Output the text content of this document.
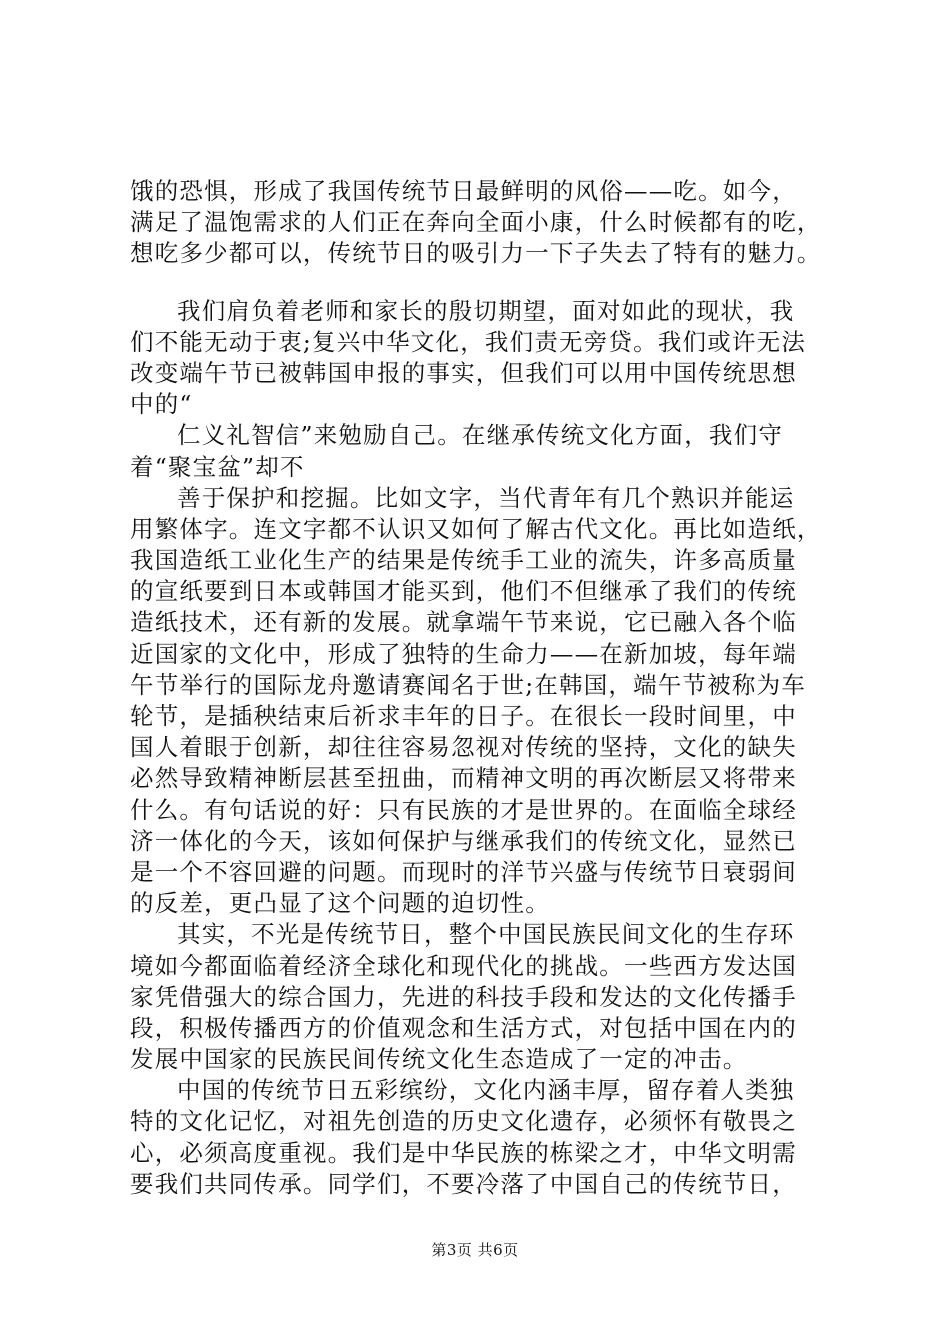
饿的恐惧，形成了我国传统节日最鲜明的风俗——吃。如今，
满足了温饱需求的人们正在奔向全面小康，什么时候都有的吃，
想吃多少都可以，传统节日的吸引力一下子失去了特有的魅力。
我们肩负着老师和家长的殷切期望，面对如此的现状，我
们不能无动于衷;复兴中华文化，我们责无旁贷。我们或许无法
改变端午节已被韩国申报的事实，但我们可以用中国传统思想
中的“
仁义礼智信”来勉励自己。在继承传统文化方面，我们守
着“聚宝盆”却不
善于保护和挖掘。比如文字，当代青年有几个熟识并能运
用繁体字。连文字都不认识又如何了解古代文化。再比如造纸，
我国造纸工业化生产的结果是传统手工业的流失，许多高质量
的宣纸要到日本或韩国才能买到，他们不但继承了我们的传统
造纸技术，还有新的发展。就拿端午节来说，它已融入各个临
近国家的文化中，形成了独特的生命力——在新加坡，每年端
午节举行的国际龙舟邀请赛闻名于世;在韩国，端午节被称为车
轮节，是插秧结束后祈求丰年的日子。在很长一段时间里，中
国人着眼于创新，却往往容易忽视对传统的坚持，文化的缺失
必然导致精神断层甚至扭曲，而精神文明的再次断层又将带来
什么。有句话说的好：只有民族的才是世界的。在面临全球经
济一体化的今天，该如何保护与继承我们的传统文化，显然已
是一个不容回避的问题。而现时的洋节兴盛与传统节日衰弱间
的反差，更凸显了这个问题的迫切性。
其实，不光是传统节日，整个中国民族民间文化的生存环
境如今都面临着经济全球化和现代化的挑战。一些西方发达国
家凭借强大的综合国力，先进的科技手段和发达的文化传播手
段，积极传播西方的价值观念和生活方式，对包括中国在内的
发展中国家的民族民间传统文化生态造成了一定的冲击。
中国的传统节日五彩缤纷，文化内涵丰厚，留存着人类独
特的文化记忆，对祖先创造的历史文化遗存，必须怀有敬畏之
心，必须高度重视。我们是中华民族的栋梁之才，中华文明需
要我们共同传承。同学们，不要冷落了中国自己的传统节日，
第3页 共6页
